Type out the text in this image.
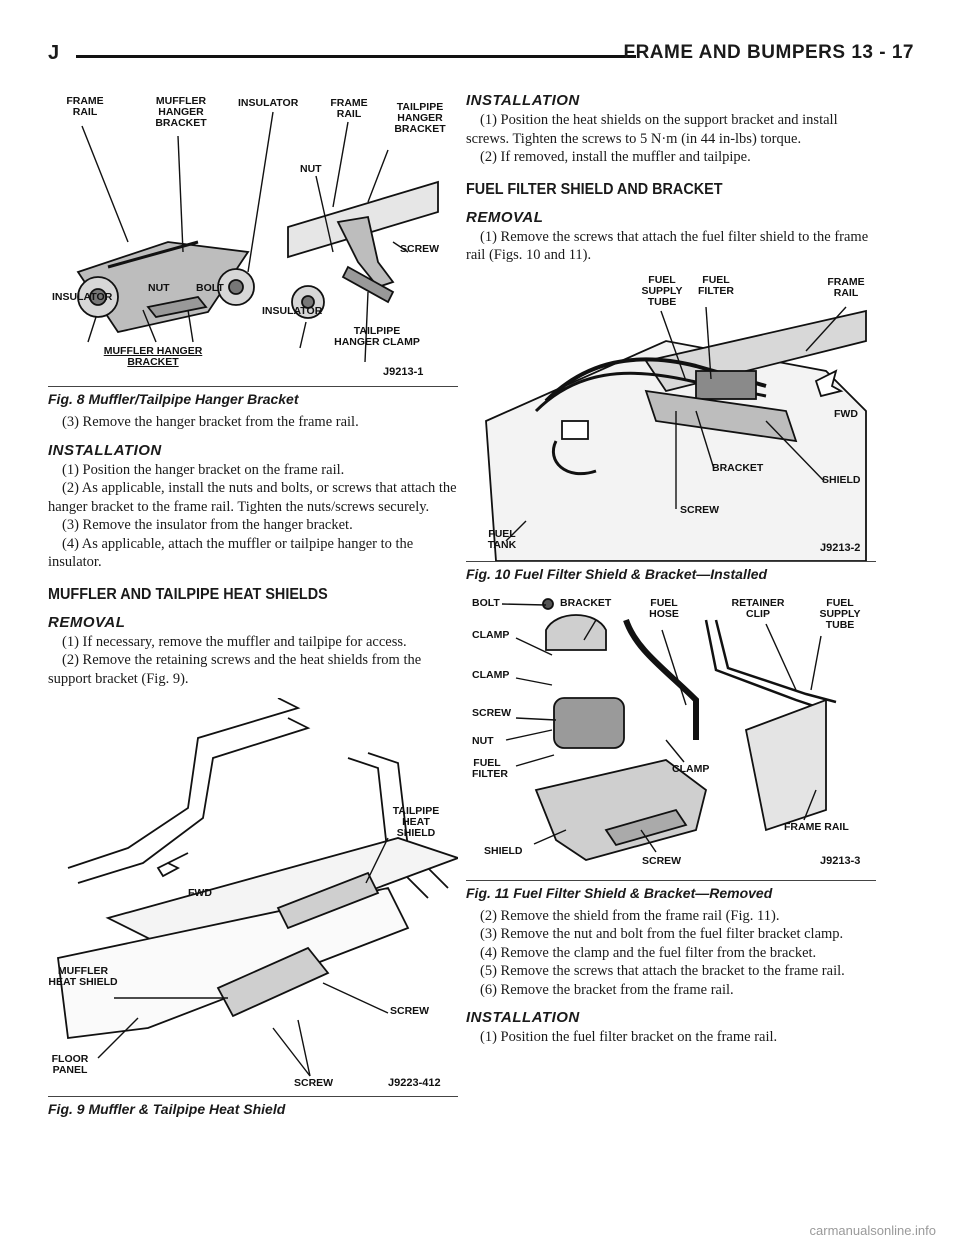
J	FRAME AND BUMPERS 13 - 17
FRAME RAIL
MUFFLER HANGER BRACKET
INSULATOR	FRAME RAIL
TAILPIPE HANGER BRACKET
NUT
SCREW
INSULATOR
NUT	BOLT
INSULATOR
TAILPIPE HANGER CLAMP
MUFFLER HANGER BRACKET
J9213-1
Fig. 8 Muffler/Tailpipe Hanger Bracket

(3) Remove the hanger bracket from the frame rail.

INSTALLATION

(1) Position the hanger bracket on the frame rail.

(2) As applicable, install the nuts and bolts, or screws that attach the hanger bracket to the frame rail. Tighten the nuts/screws securely.

(3) Remove the insulator from the hanger bracket.

(4) As applicable, attach the muffler or tailpipe hanger to the insulator.

MUFFLER AND TAILPIPE HEAT SHIELDS
REMOVAL

(1) If necessary, remove the muffler and tailpipe for access.

(2) Remove the retaining screws and the heat shields from the support bracket (Fig. 9).

TAILPIPE HEAT SHIELD
FWD
MUFFLER HEAT SHIELD
SCREW
FLOOR PANEL
SCREW	J9223-412
Fig. 9 Muffler & Tailpipe Heat Shield
INSTALLATION

(1) Position the heat shields on the support bracket and install screws. Tighten the screws to 5 N·m (in 44 in-lbs) torque.

(2) If removed, install the muffler and tailpipe.

FUEL FILTER SHIELD AND BRACKET
REMOVAL

(1) Remove the screws that attach the fuel filter shield to the frame rail (Figs. 10 and 11).

FUEL SUPPLY TUBE
FUEL FILTER
FRAME RAIL
FWD
BRACKET
SHIELD
SCREW
FUEL TANK	J9213-2
Fig. 10 Fuel Filter Shield & Bracket—Installed
BOLT	BRACKET	FUEL HOSE
RETAINER CLIP
FUEL SUPPLY TUBE
CLAMP
CLAMP
SCREW
NUT
FUEL FILTER	CLAMP
FRAME RAIL
SHIELD
SCREW	J9213-3
Fig. 11 Fuel Filter Shield & Bracket—Removed

(2) Remove the shield from the frame rail (Fig. 11).

(3) Remove the nut and bolt from the fuel filter bracket clamp.

(4) Remove the clamp and the fuel filter from the bracket.

(5) Remove the screws that attach the bracket to the frame rail.

(6) Remove the bracket from the frame rail.

INSTALLATION

(1) Position the fuel filter bracket on the frame rail.

carmanualsonline.info
